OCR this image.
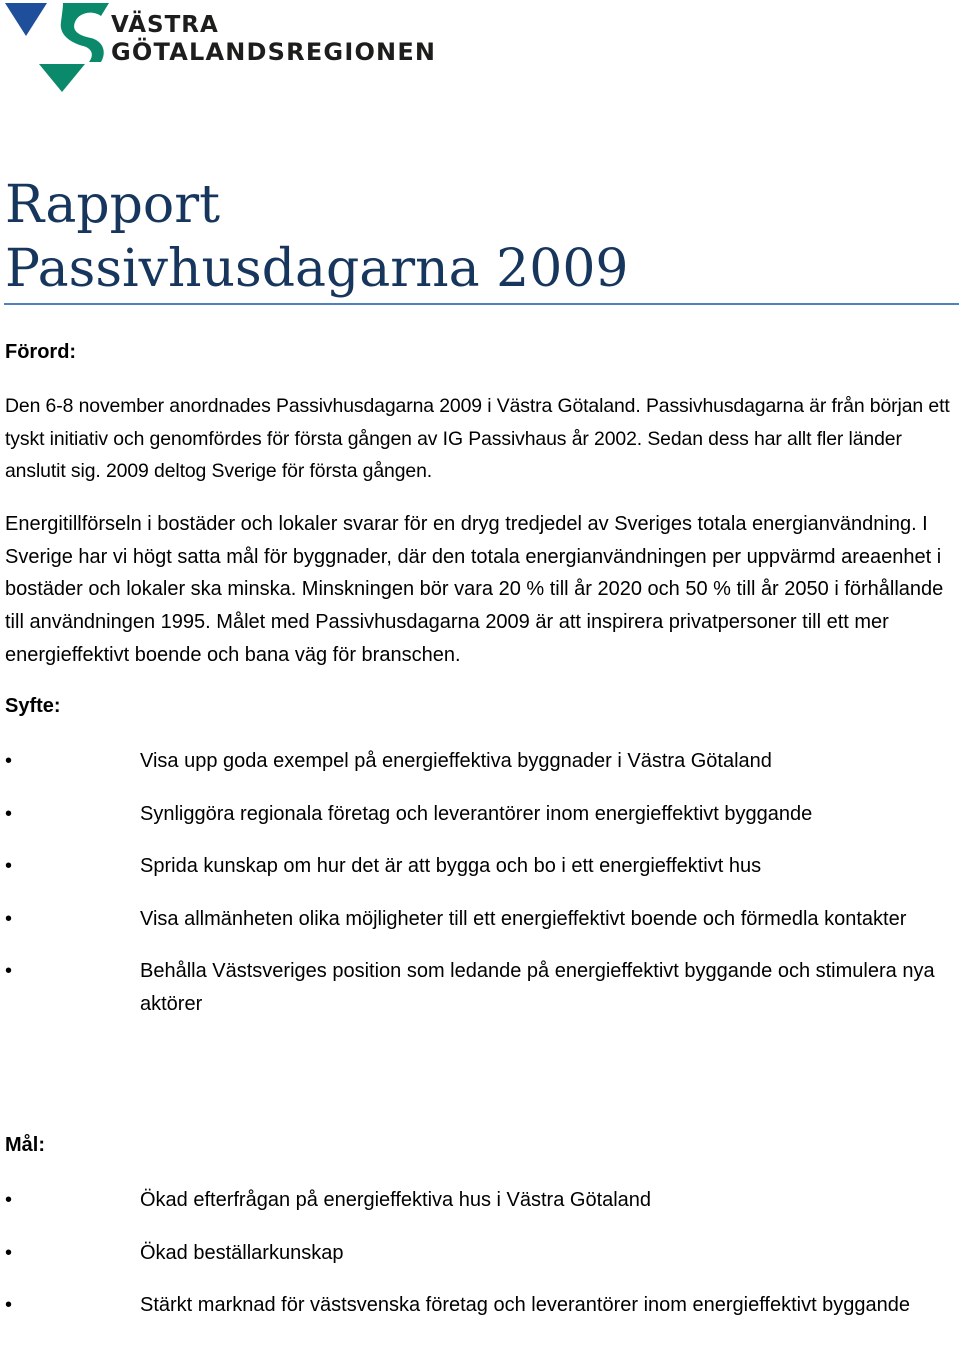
VÄSTRA
GÖTALANDSREGIONEN
Rapport
Passivhusdagarna 2009
Förord:
Den 6-8 november anordnades Passivhusdagarna 2009 i Västra Götaland. Passivhusdagarna är från början ett tyskt initiativ och genomfördes för första gången av IG Passivhaus år 2002. Sedan dess har allt fler länder anslutit sig. 2009 deltog Sverige för första gången.
Energitillförseln i bostäder och lokaler svarar för en dryg tredjedel av Sveriges totala energianvändning. I Sverige har vi högt satta mål för byggnader, där den totala energianvändningen per uppvärmd areaenhet i bostäder och lokaler ska minska. Minskningen bör vara 20 % till år 2020 och 50 % till år 2050 i förhållande till användningen 1995. Målet med Passivhusdagarna 2009 är att inspirera privatpersoner till ett mer energieffektivt boende och bana väg för branschen.
Syfte:
•	Visa upp goda exempel på energieffektiva byggnader i Västra Götaland
•	Synliggöra regionala företag och leverantörer inom energieffektivt byggande
•	Sprida kunskap om hur det är att bygga och bo i ett energieffektivt hus
•	Visa allmänheten olika möjligheter till ett energieffektivt boende och förmedla kontakter
•	Behålla Västsveriges position som ledande på energieffektivt byggande och stimulera nya aktörer
Mål:
•	Ökad efterfrågan på energieffektiva hus i Västra Götaland
•	Ökad beställarkunskap
•	Stärkt marknad för västsvenska företag och leverantörer inom energieffektivt byggande
